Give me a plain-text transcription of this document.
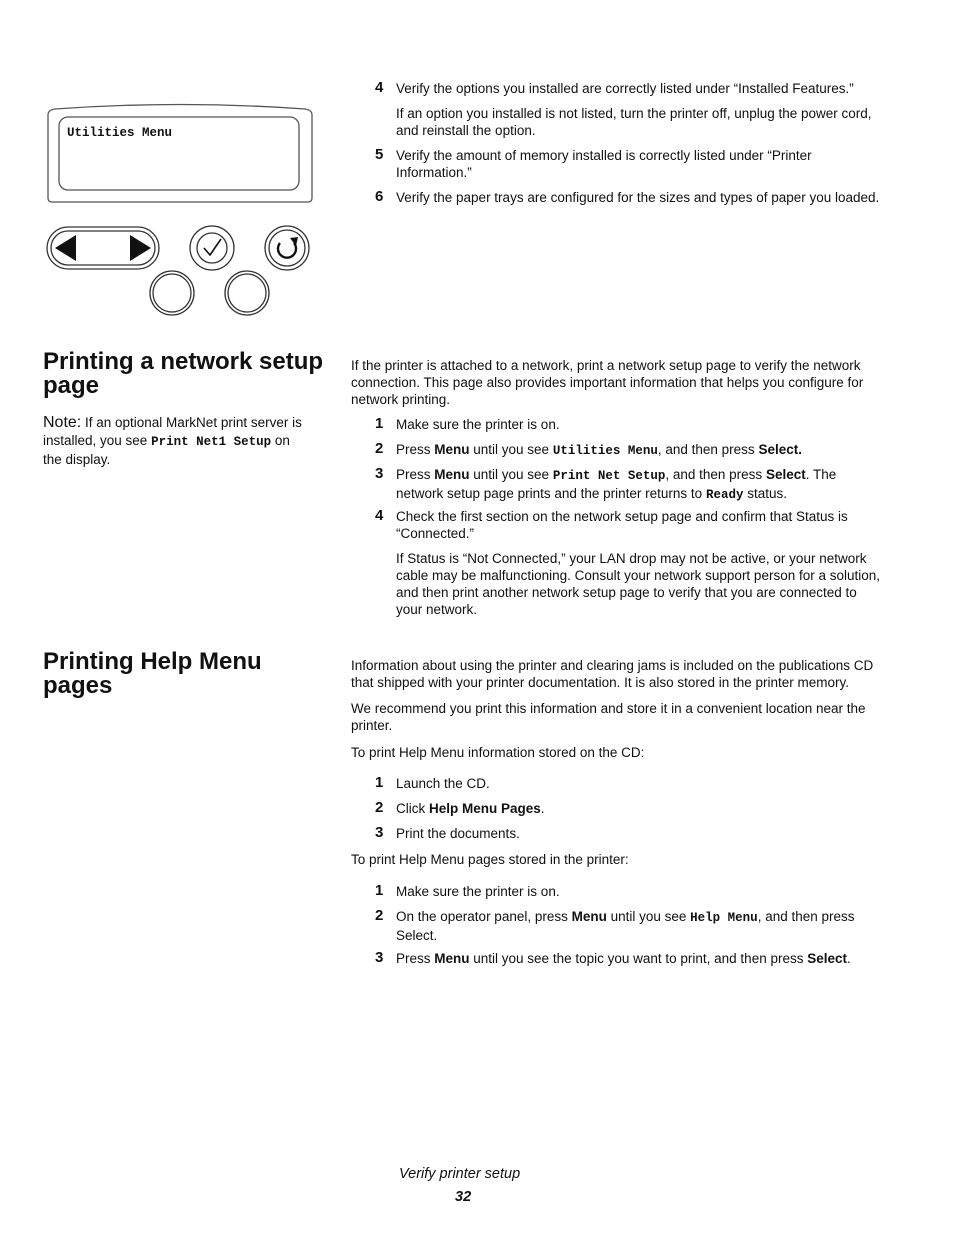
Utilities Menu
4 Verify the options you installed are correctly listed under “Installed Features.”
If an option you installed is not listed, turn the printer off, unplug the power cord, and reinstall the option.
5 Verify the amount of memory installed is correctly listed under “Printer Information.”
6 Verify the paper trays are configured for the sizes and types of paper you loaded.
Printing a network setup page
Note: If an optional MarkNet print server is installed, you see Print Net1 Setup on the display.
If the printer is attached to a network, print a network setup page to verify the network connection. This page also provides important information that helps you configure for network printing.
1 Make sure the printer is on.
2 Press Menu until you see Utilities Menu, and then press Select.
3 Press Menu until you see Print Net Setup, and then press Select. The network setup page prints and the printer returns to Ready status.
4 Check the first section on the network setup page and confirm that Status is “Connected.”
If Status is “Not Connected,” your LAN drop may not be active, or your network cable may be malfunctioning. Consult your network support person for a solution, and then print another network setup page to verify that you are connected to your network.
Printing Help Menu pages
Information about using the printer and clearing jams is included on the publications CD that shipped with your printer documentation. It is also stored in the printer memory.
We recommend you print this information and store it in a convenient location near the printer.
To print Help Menu information stored on the CD:
1 Launch the CD.
2 Click Help Menu Pages.
3 Print the documents.
To print Help Menu pages stored in the printer:
1 Make sure the printer is on.
2 On the operator panel, press Menu until you see Help Menu, and then press Select.
3 Press Menu until you see the topic you want to print, and then press Select.
Verify printer setup
32
